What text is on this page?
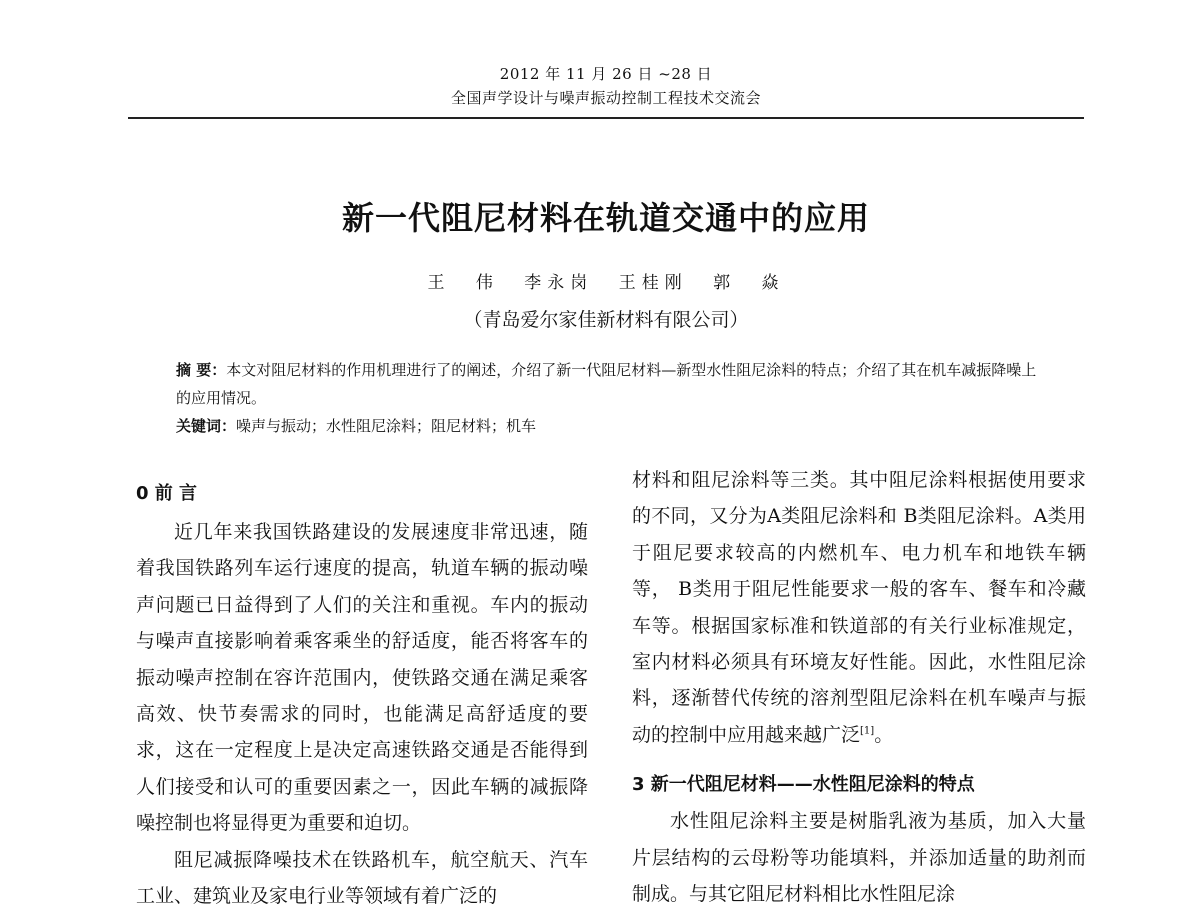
2012 年 11 月 26 日 ~28 日
全国声学设计与噪声振动控制工程技术交流会
新一代阻尼材料在轨道交通中的应用
王 伟 李永岗 王桂刚 郭 焱
（青岛爱尔家佳新材料有限公司）

摘 要：本文对阻尼材料的作用机理进行了的阐述，介绍了新一代阻尼材料—新型水性阻尼涂料的特点；介绍了其在机车减振降噪上的应用情况。

关键词：噪声与振动；水性阻尼涂料；阻尼材料；机车

0 前 言

近几年来我国铁路建设的发展速度非常迅速，随着我国铁路列车运行速度的提高，轨道车辆的振动噪声问题已日益得到了人们的关注和重视。车内的振动与噪声直接影响着乘客乘坐的舒适度，能否将客车的振动噪声控制在容许范围内，使铁路交通在满足乘客高效、快节奏需求的同时，也能满足高舒适度的要求，这在一定程度上是决定高速铁路交通是否能得到人们接受和认可的重要因素之一，因此车辆的减振降噪控制也将显得更为重要和迫切。

阻尼减振降噪技术在铁路机车，航空航天、汽车工业、建筑业及家电行业等领域有着广泛的

材料和阻尼涂料等三类。其中阻尼涂料根据使用要求的不同，又分为A类阻尼涂料和 B类阻尼涂料。A类用于阻尼要求较高的内燃机车、电力机车和地铁车辆等， B类用于阻尼性能要求一般的客车、餐车和冷藏车等。根据国家标准和铁道部的有关行业标准规定，室内材料必须具有环境友好性能。因此，水性阻尼涂料，逐渐替代传统的溶剂型阻尼涂料在机车噪声与振动的控制中应用越来越广泛[1]。

3 新一代阻尼材料——水性阻尼涂料的特点

水性阻尼涂料主要是树脂乳液为基质，加入大量片层结构的云母粉等功能填料，并添加适量的助剂而制成。与其它阻尼材料相比水性阻尼涂
